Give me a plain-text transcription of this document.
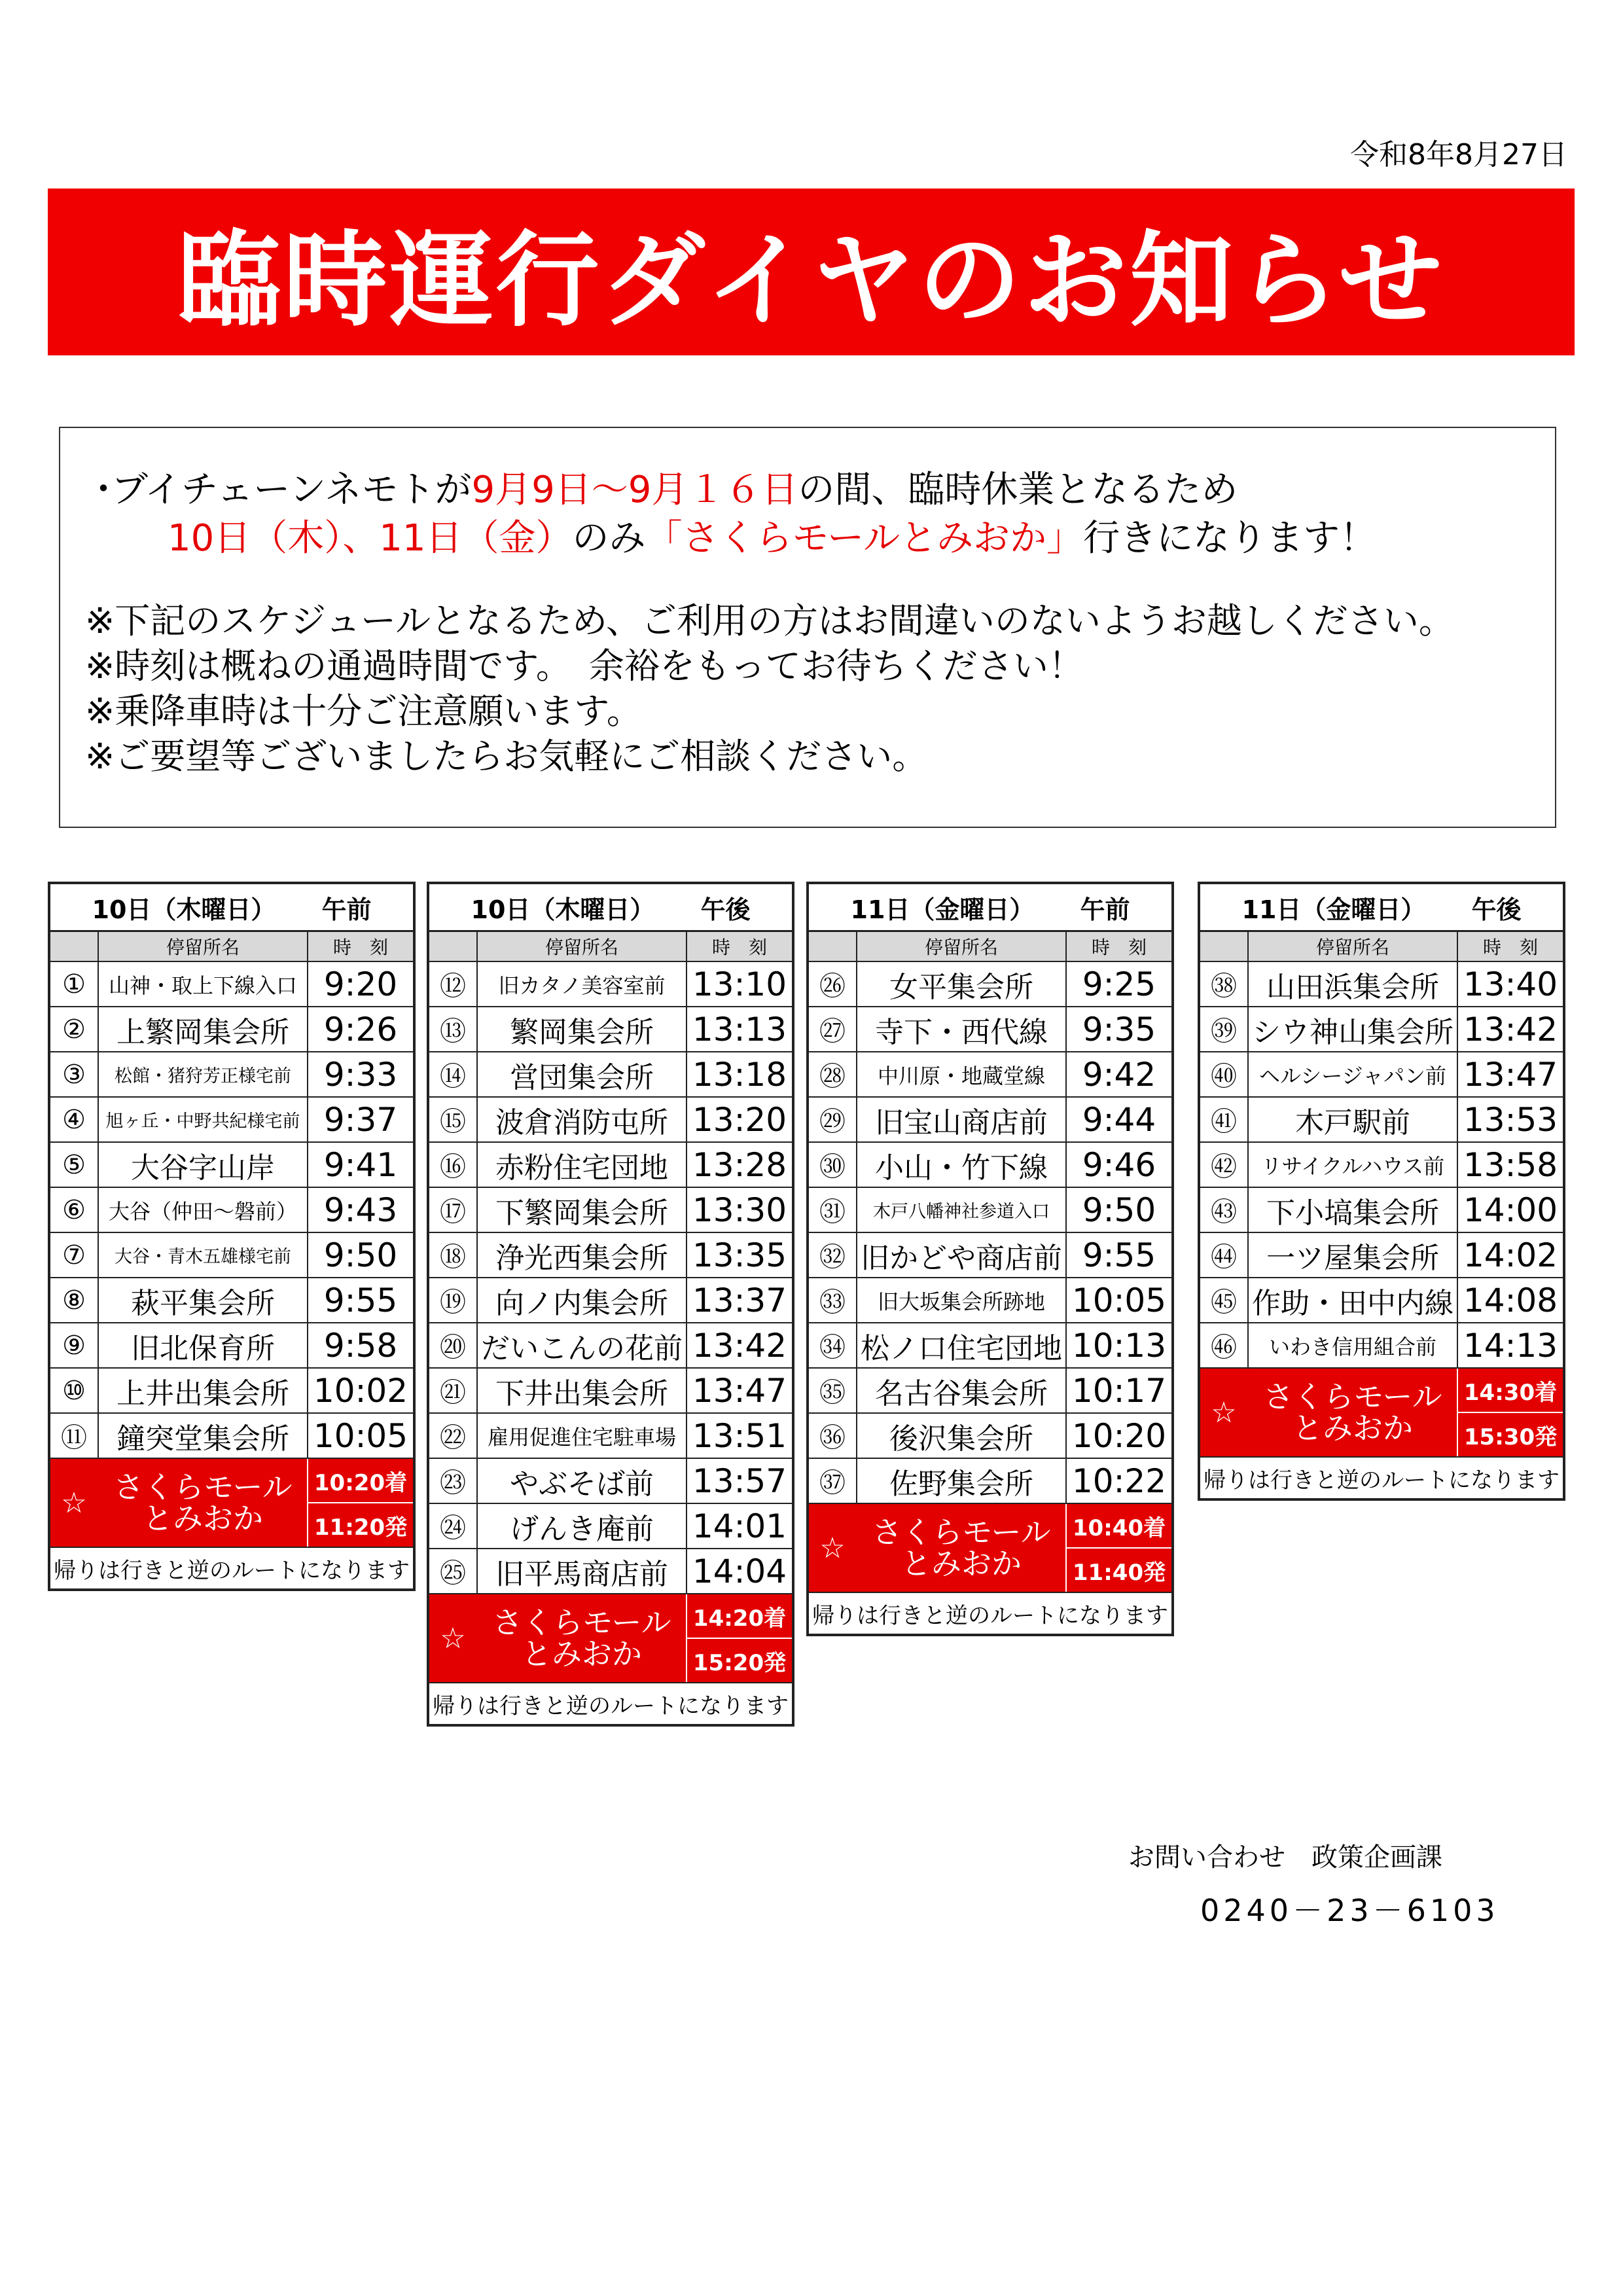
令和8年8月27日
臨時運行ダイヤのお知らせ
・ブイチェーンネモトが9月9日～9月１６日の間、臨時休業となるため
10日（木）、11日（金）のみ「さくらモールとみおか」行きになります！
※下記のスケジュールとなるため、ご利用の方はお間違いのないようお越しください。
※時刻は概ねの通過時間です。　余裕をもってお待ちください！
※乗降車時は十分ご注意願います。
※ご要望等ございましたらお気軽にご相談ください。
10日（木曜日） 午前
停留所名	時　刻
①	山神・取上下線入口 9:20
②	上繁岡集会所	9:26
③	松館・猪狩芳正様宅前 9:33
④	旭ヶ丘・中野共紀様宅前 9:37
⑤	大谷字山岸	9:41
⑥	大谷（仲田～磐前） 9:43
⑦	大谷・青木五雄様宅前 9:50
⑧	萩平集会所	9:55
⑨	旧北保育所	9:58
⑩	上井出集会所 10:02
⑪	鐘突堂集会所 10:05
☆ さくらモール
とみおか
10:20着
11:20発
帰りは行きと逆のルートになります
10日（木曜日） 午後
停留所名	時　刻
⑫	旧カタノ美容室前 13:10
⑬	繁岡集会所	13:13
⑭	営団集会所	13:18
⑮	波倉消防屯所 13:20
⑯	赤粉住宅団地 13:28
⑰	下繁岡集会所 13:30
⑱	浄光西集会所 13:35
⑲	向ノ内集会所 13:37
⑳ だいこんの花前 13:42
㉑	下井出集会所 13:47
㉒	雇用促進住宅駐車場 13:51
㉓	やぶそば前	13:57
㉔	げんき庵前	14:01
㉕	旧平馬商店前 14:04
☆ さくらモール
とみおか
14:20着
15:20発
帰りは行きと逆のルートになります
11日（金曜日） 午前
停留所名	時　刻
㉖	女平集会所	9:25
㉗	寺下・西代線	9:35
㉘	中川原・地蔵堂線	9:42
㉙	旧宝山商店前	9:44
㉚	小山・竹下線	9:46
㉛	木戸八幡神社参道入口 9:50
㉜ 旧かどや商店前 9:55
㉝	旧大坂集会所跡地 10:05
㉞ 松ノ口住宅団地 10:13
㉟	名古谷集会所 10:17
㊱	後沢集会所	10:20
㊲	佐野集会所	10:22
☆ さくらモール
とみおか
10:40着
11:40発
帰りは行きと逆のルートになります
11日（金曜日） 午後
停留所名	時　刻
㊳	山田浜集会所 13:40
㊴ シウ神山集会所 13:42
㊵	ヘルシージャパン前 13:47
㊶	木戸駅前	13:53
㊷	リサイクルハウス前 13:58
㊸	下小塙集会所 14:00
㊹	一ツ屋集会所 14:02
㊺ 作助・田中内線 14:08
㊻	いわき信用組合前 14:13
☆ さくらモール
とみおか
14:30着
15:30発
帰りは行きと逆のルートになります
お問い合わせ　政策企画課
0240－23－6103
